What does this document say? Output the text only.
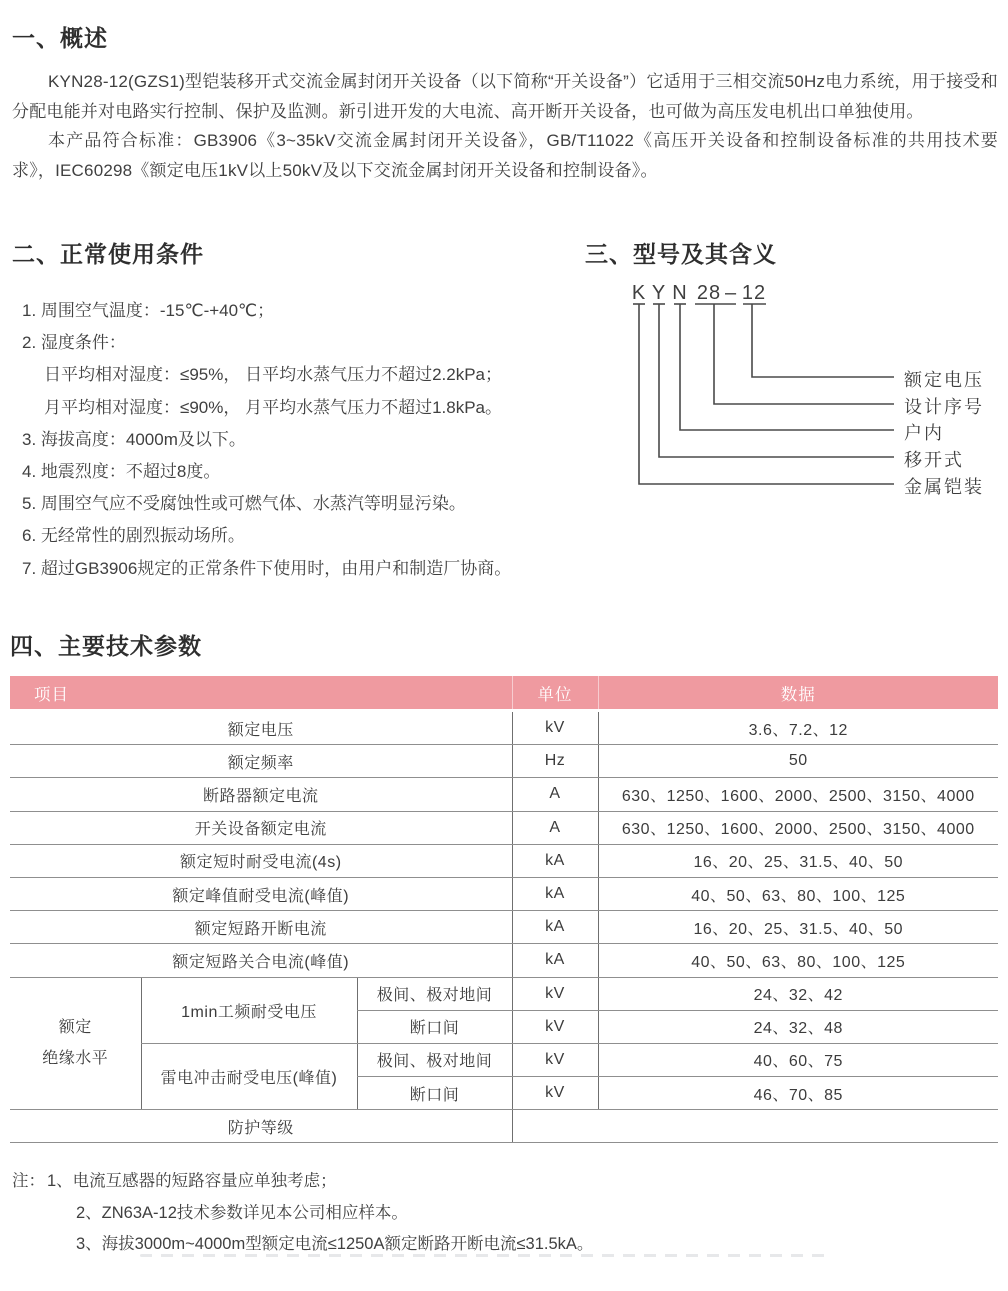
一、概述

KYN28-12(GZS1)型铠装移开式交流金属封闭开关设备（以下简称“开关设备”）它适用于三相交流50Hz电力系统，用于接受和分配电能并对电路实行控制、保护及监测。新引进开发的大电流、高开断开关设备，也可做为高压发电机出口单独使用。

本产品符合标准：GB3906《3~35kV交流金属封闭开关设备》，GB/T11022《高压开关设备和控制设备标准的共用技术要求》，IEC60298《额定电压1kV以上50kV及以下交流金属封闭开关设备和控制设备》。

二、正常使用条件
1. 周围空气温度：-15℃-+40℃；
2. 湿度条件：
日平均相对湿度：≤95%， 日平均水蒸气压力不超过2.2kPa；
月平均相对湿度：≤90%， 月平均水蒸气压力不超过1.8kPa。
3. 海拔高度：4000m及以下。
4. 地震烈度：不超过8度。
5. 周围空气应不受腐蚀性或可燃气体、水蒸汽等明显污染。
6. 无经常性的剧烈振动场所。
7. 超过GB3906规定的正常条件下使用时，由用户和制造厂协商。
三、型号及其含义
K Y N 28 – 12
额定电压
设计序号
户内
移开式
金属铠装
四、主要技术参数
项目			单位	数据
额定电压			kV	3.6、7.2、12
额定频率			Hz	50
断路器额定电流			A	630、1250、1600、2000、2500、3150、4000
开关设备额定电流			A	630、1250、1600、2000、2500、3150、4000
额定短时耐受电流(4s)			kA	16、20、25、31.5、40、50
额定峰值耐受电流(峰值)			kA	40、50、63、80、100、125
额定短路开断电流			kA	16、20、25、31.5、40、50
额定短路关合电流(峰值)			kA	40、50、63、80、100、125

额定
绝缘水平	1min工频耐受电压	极间、极对地间	kV	24、32、42
		断口间	kV	24、32、48
	雷电冲击耐受电压(峰值)	极间、极对地间	kV	40、60、75
		断口间	kV	46、70、85
防护等级				
注： 1、电流互感器的短路容量应单独考虑；
2、ZN63A-12技术参数详见本公司相应样本。
3、海拔3000m~4000m型额定电流≤1250A额定断路开断电流≤31.5kA。
